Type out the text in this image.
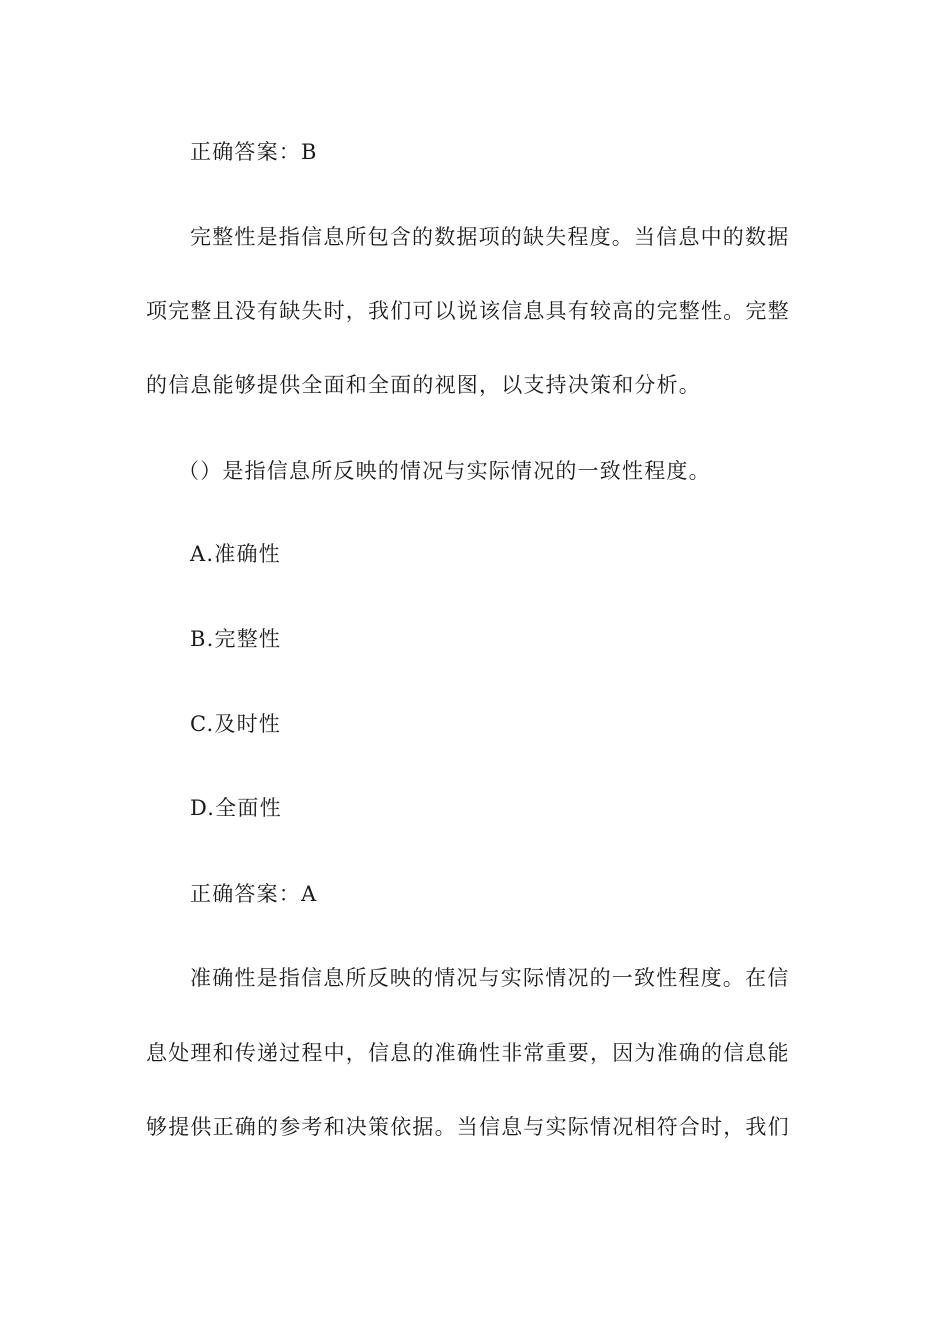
正确答案：B
完整性是指信息所包含的数据项的缺失程度。当信息中的数据
项完整且没有缺失时，我们可以说该信息具有较高的完整性。完整
的信息能够提供全面和全面的视图，以支持决策和分析。
（）是指信息所反映的情况与实际情况的一致性程度。
A.准确性
B.完整性
C.及时性
D.全面性
正确答案：A
准确性是指信息所反映的情况与实际情况的一致性程度。在信
息处理和传递过程中，信息的准确性非常重要，因为准确的信息能
够提供正确的参考和决策依据。当信息与实际情况相符合时，我们
